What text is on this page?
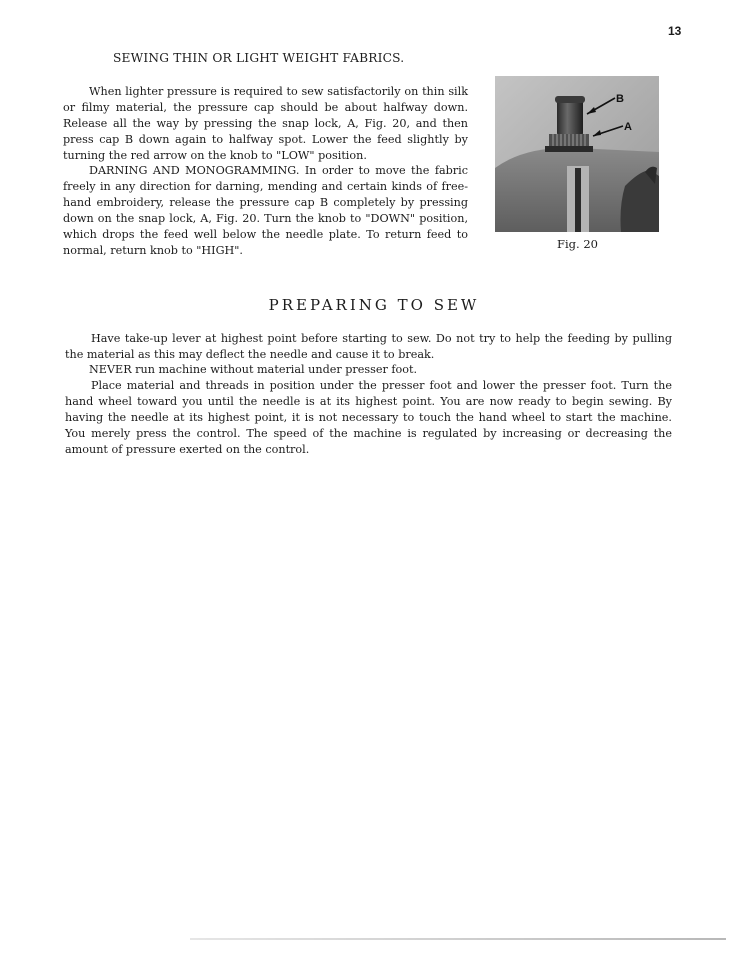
13
SEWING THIN OR LIGHT WEIGHT FABRICS.

When lighter pressure is required to sew satisfactorily on thin silk or filmy material, the pressure cap should be about halfway down. Release all the way by pressing the snap lock, A, Fig. 20, and then press cap B down again to halfway spot. Lower the feed slightly by turning the red arrow on the knob to "LOW" position.

DARNING AND MONOGRAMMING. In order to move the fabric freely in any direction for darning, mending and certain kinds of free-hand embroidery, release the pressure cap B completely by pressing down on the snap lock, A, Fig. 20. Turn the knob to "DOWN" position, which drops the feed well below the needle plate. To return feed to normal, return knob to "HIGH".

B
A
Fig. 20
PREPARING TO SEW

Have take-up lever at highest point before starting to sew. Do not try to help the feeding by pulling the material as this may deflect the needle and cause it to break.

NEVER run machine without material under presser foot.

Place material and threads in position under the presser foot and lower the presser foot. Turn the hand wheel toward you until the needle is at its highest point. You are now ready to begin sewing. By having the needle at its highest point, it is not necessary to touch the hand wheel to start the machine. You merely press the control. The speed of the machine is regulated by increasing or decreasing the amount of pressure exerted on the control.
